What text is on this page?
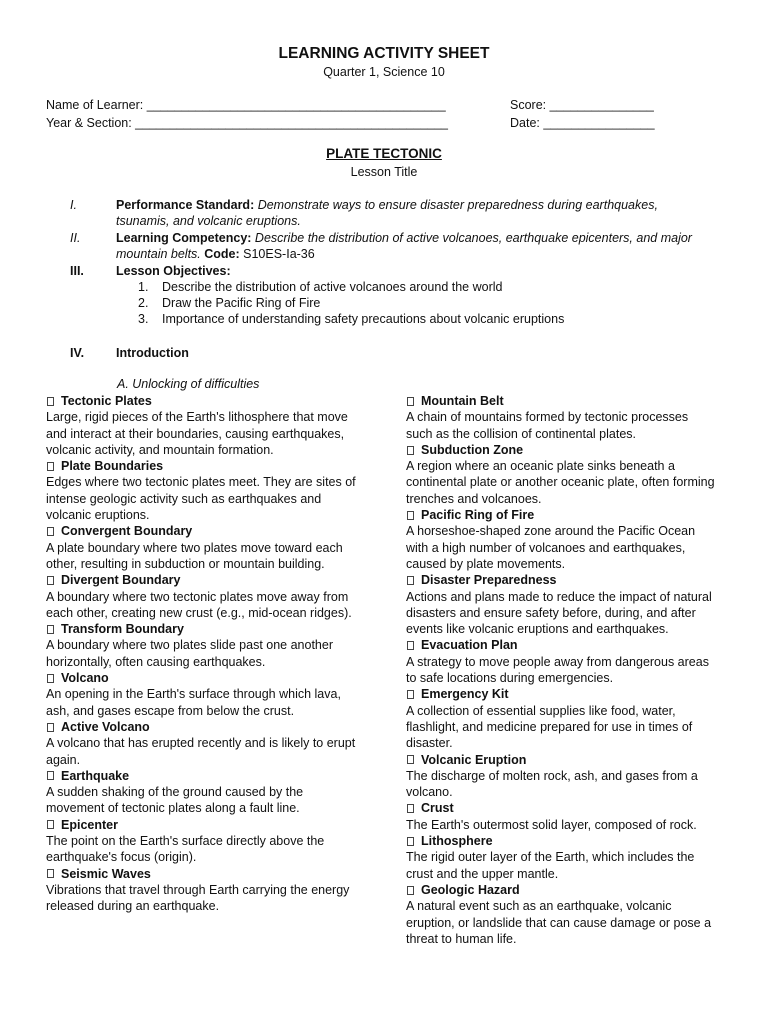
LEARNING ACTIVITY SHEET
Quarter 1, Science 10
Name of Learner: ___________________________________________	Score: _______________
Year & Section: _____________________________________________	Date: ________________
PLATE TECTONIC
Lesson Title
I.	Performance Standard: Demonstrate ways to ensure disaster preparedness during earthquakes, tsunamis, and volcanic eruptions.
II.	Learning Competency: Describe the distribution of active volcanoes, earthquake epicenters, and major mountain belts. Code: S10ES-Ia-36
III.	Lesson Objectives:
1. Describe the distribution of active volcanoes around the world
2. Draw the Pacific Ring of Fire
3. Importance of understanding safety precautions about volcanic eruptions
IV.	Introduction
A. Unlocking of difficulties
Tectonic Plates
Large, rigid pieces of the Earth's lithosphere that move and interact at their boundaries, causing earthquakes, volcanic activity, and mountain formation.
Plate Boundaries
Edges where two tectonic plates meet. They are sites of intense geologic activity such as earthquakes and volcanic eruptions.
Convergent Boundary
A plate boundary where two plates move toward each other, resulting in subduction or mountain building.
Divergent Boundary
A boundary where two tectonic plates move away from each other, creating new crust (e.g., mid-ocean ridges).
Transform Boundary
A boundary where two plates slide past one another horizontally, often causing earthquakes.
Volcano
An opening in the Earth's surface through which lava, ash, and gases escape from below the crust.
Active Volcano
A volcano that has erupted recently and is likely to erupt again.
Earthquake
A sudden shaking of the ground caused by the movement of tectonic plates along a fault line.
Epicenter
The point on the Earth's surface directly above the earthquake's focus (origin).
Seismic Waves
Vibrations that travel through Earth carrying the energy released during an earthquake.
Mountain Belt
A chain of mountains formed by tectonic processes such as the collision of continental plates.
Subduction Zone
A region where an oceanic plate sinks beneath a continental plate or another oceanic plate, often forming trenches and volcanoes.
Pacific Ring of Fire
A horseshoe-shaped zone around the Pacific Ocean with a high number of volcanoes and earthquakes, caused by plate movements.
Disaster Preparedness
Actions and plans made to reduce the impact of natural disasters and ensure safety before, during, and after events like volcanic eruptions and earthquakes.
Evacuation Plan
A strategy to move people away from dangerous areas to safe locations during emergencies.
Emergency Kit
A collection of essential supplies like food, water, flashlight, and medicine prepared for use in times of disaster.
Volcanic Eruption
The discharge of molten rock, ash, and gases from a volcano.
Crust
The Earth's outermost solid layer, composed of rock.
Lithosphere
The rigid outer layer of the Earth, which includes the crust and the upper mantle.
Geologic Hazard
A natural event such as an earthquake, volcanic eruption, or landslide that can cause damage or pose a threat to human life.
